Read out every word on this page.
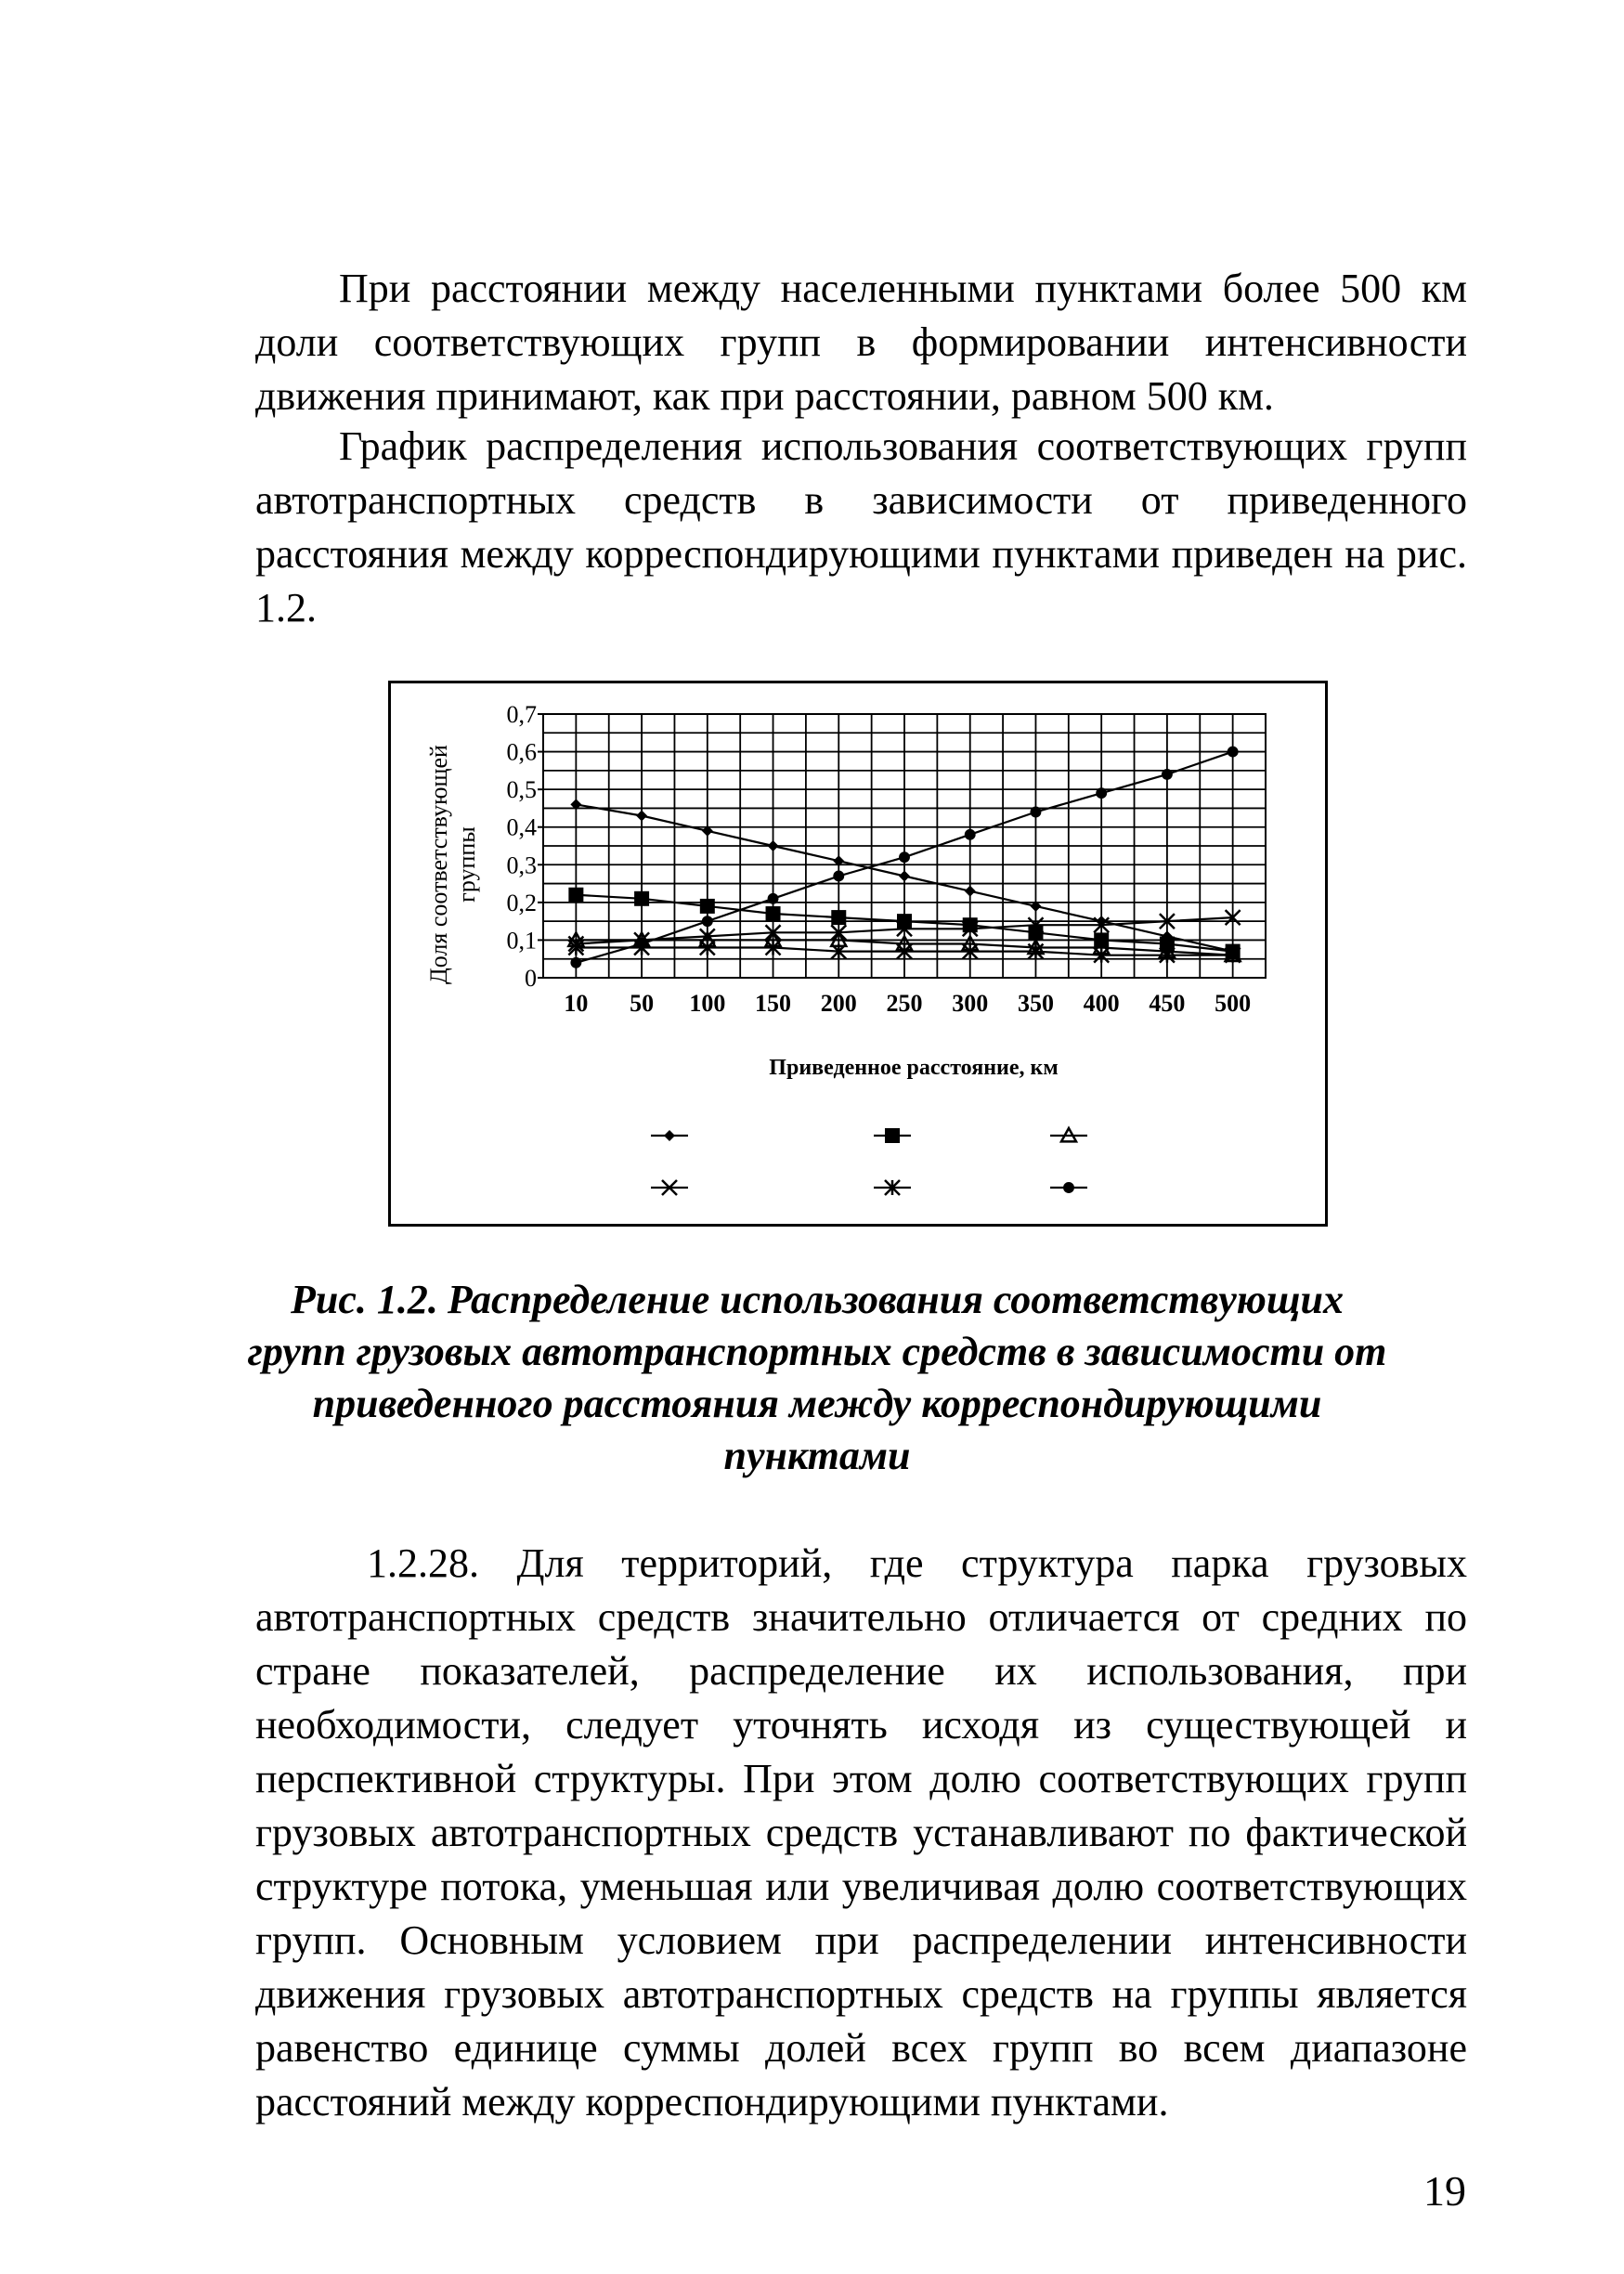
При расстоянии между населенными пунктами более 500 км доли соответствующих групп в формировании интенсивности движения принимают, как при расстоянии, равном 500 км.

График распределения использования соответствующих групп автотранспортных средств в зависимости от приведенного расстояния между корреспондирующими пунктами приведен на рис. 1.2.

0
0,1
0,2
0,3
0,4
0,5
0,6
0,7
10 50 100 150 200 250 300 350 400 450 500
Приведенное расстояние, км
Доля соответствующейгруппы
Рис. 1.2. Распределение использования соответствующих групп грузовых автотранспортных средств в зависимости от приведенного расстояния между корреспондирующими пунктами

1.2.28. Для территорий, где структура парка грузовых автотранспортных средств значительно отличается от средних по стране показателей, распределение их использования, при необходимости, следует уточнять исходя из существующей и перспективной структуры. При этом долю соответствующих групп грузовых автотранспортных средств устанавливают по фактической структуре потока, уменьшая или увеличивая долю соответствующих групп. Основным условием при распределении интенсивности движения грузовых автотранспортных средств на группы является равенство единице суммы долей всех групп во всем диапазоне расстояний между корреспондирующими пунктами.

19
